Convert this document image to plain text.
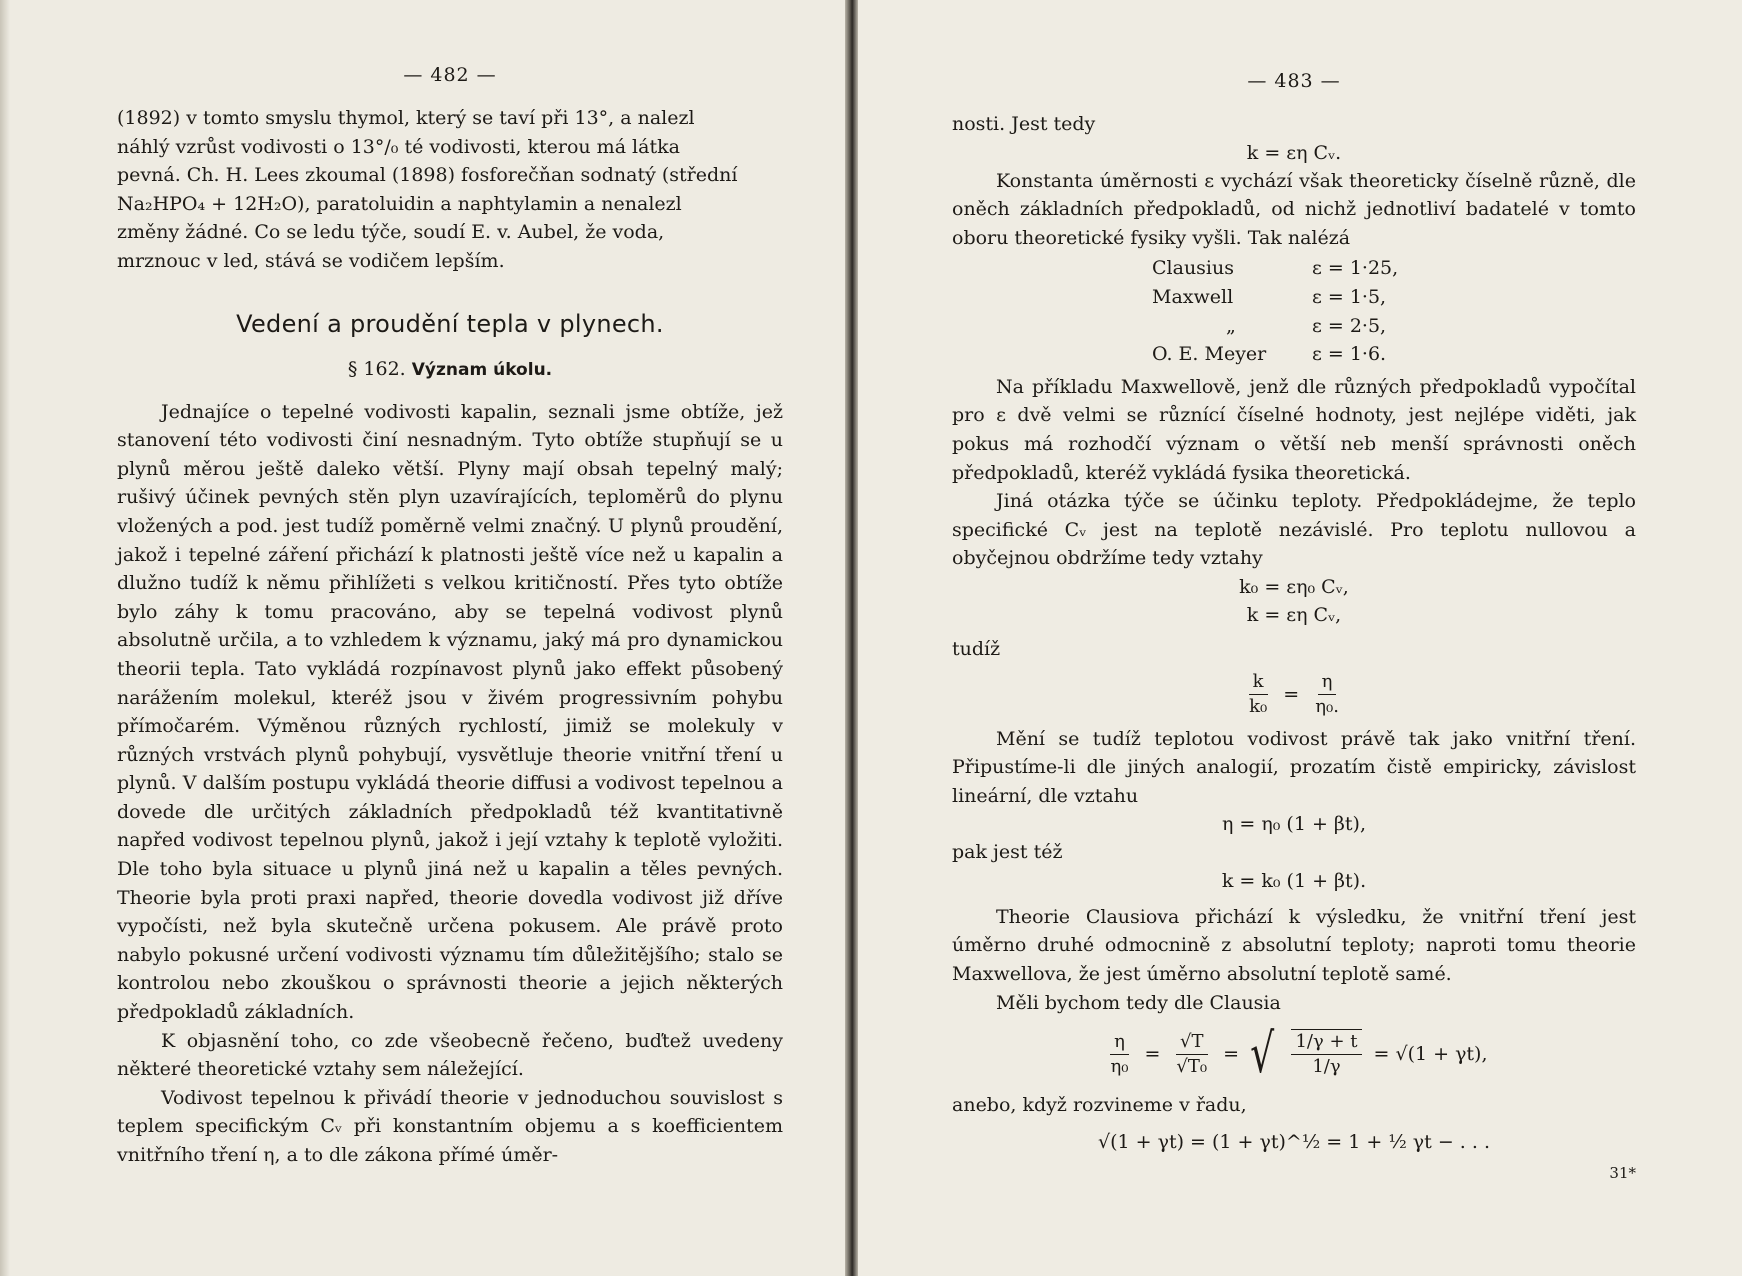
— 482 —

(1892) v tomto smyslu thymol, který se taví při 13°, a nalezl

náhlý vzrůst vodivosti o 13°/₀ té vodivosti, kterou má látka

pevná. Ch. H. Lees zkoumal (1898) fosforečňan sodnatý (střední

Na₂HPO₄ + 12H₂O), paratoluidin a naphtylamin a nenalezl

změny žádné. Co se ledu týče, soudí E. v. Aubel, že voda,

mrznouc v led, stává se vodičem lepším.

Vedení a proudění tepla v plynech.
§ 162. Význam úkolu.

Jednajíce o tepelné vodivosti kapalin, seznali jsme obtíže, jež stanovení této vodivosti činí nesnadným. Tyto obtíže stupňují se u plynů měrou ještě daleko větší. Plyny mají obsah tepelný malý; rušivý účinek pevných stěn plyn uzavírajících, teploměrů do plynu vložených a pod. jest tudíž poměrně velmi značný. U plynů proudění, jakož i tepelné záření přichází k platnosti ještě více než u kapalin a dlužno tudíž k němu přihlížeti s velkou kritičností. Přes tyto obtíže bylo záhy k tomu pracováno, aby se tepelná vodivost plynů absolutně určila, a to vzhledem k významu, jaký má pro dynamickou theorii tepla. Tato vykládá rozpínavost plynů jako effekt působený narážením molekul, kteréž jsou v živém progressivním pohybu přímočarém. Výměnou různých rychlostí, jimiž se molekuly v různých vrstvách plynů pohybují, vysvětluje theorie vnitřní tření u plynů. V dalším postupu vykládá theorie diffusi a vodivost tepelnou a dovede dle určitých základních předpokladů též kvantitativně napřed vodivost tepelnou plynů, jakož i její vztahy k teplotě vyložiti. Dle toho byla situace u plynů jiná než u kapalin a těles pevných. Theorie byla proti praxi napřed, theorie dovedla vodivost již dříve vypočísti, než byla skutečně určena pokusem. Ale právě proto nabylo pokusné určení vodivosti významu tím důležitějšího; stalo se kontrolou nebo zkouškou o správnosti theorie a jejich některých předpokladů základních.

K objasnění toho, co zde všeobecně řečeno, buďtež uvedeny některé theoretické vztahy sem náležející.

Vodivost tepelnou k přivádí theorie v jednoduchou souvislost s teplem specifickým Cᵥ při konstantním objemu a s koefficientem vnitřního tření η, a to dle zákona přímé úměr-

— 483 —

nosti. Jest tedy

k = εη Cᵥ.

Konstanta úměrnosti ε vychází však theoreticky číselně různě, dle oněch základních předpokladů, od nichž jednotliví badatelé v tomto oboru theoretické fysiky vyšli. Tak nalézá

Clausius	ε = 1·25,
Maxwell	ε = 1·5,
„	ε = 2·5,
O. E. Meyer	ε = 1·6.

Na příkladu Maxwellově, jenž dle různých předpokladů vypočítal pro ε dvě velmi se různící číselné hodnoty, jest nejlépe viděti, jak pokus má rozhodčí význam o větší neb menší správnosti oněch předpokladů, kteréž vykládá fysika theoretická.

Jiná otázka týče se účinku teploty. Předpokládejme, že teplo specifické Cᵥ jest na teplotě nezávislé. Pro teplotu nullovou a obyčejnou obdržíme tedy vztahy

k₀ = εη₀ Cᵥ,
k = εη Cᵥ,

tudíž

$\frac{k}{\text{k₀}} = \frac{\eta}{\text{η₀.}}$

Mění se tudíž teplotou vodivost právě tak jako vnitřní tření. Připustíme-li dle jiných analogií, prozatím čistě empiricky, závislost lineární, dle vztahu

η = η₀ (1 + βt),

pak jest též

k = k₀ (1 + βt).

Theorie Clausiova přichází k výsledku, že vnitřní tření jest úměrno druhé odmocnině z absolutní teploty; naproti tomu theorie Maxwellova, že jest úměrno absolutní teplotě samé.

Měli bychom tedy dle Clausia

$\frac{\eta}{\text{η₀}} = \frac{√T}{\text{√T₀}}$ = √ $\frac{1/\gamma + t}{1/\gamma} = √(1 + \gamma t)$,

anebo, když rozvineme v řadu,

√(1 + γt) = (1 + γt)^½ = 1 + ½ γt − . . .
31*
